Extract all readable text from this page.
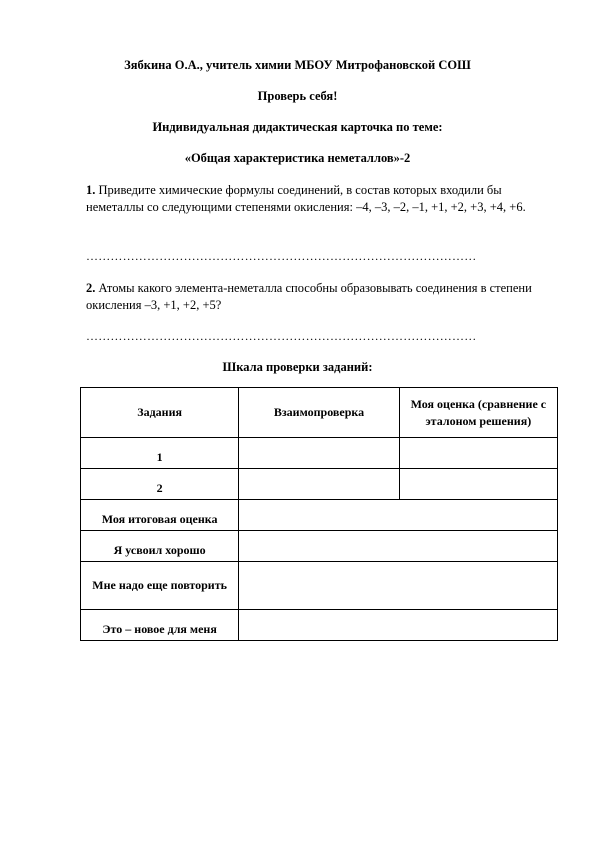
Зябкина О.А., учитель химии МБОУ Митрофановской СОШ
Проверь себя!
Индивидуальная дидактическая карточка по теме:
«Общая характеристика неметаллов»-2
1. Приведите химические формулы соединений, в состав которых входили бы неметаллы со следующими степенями окисления: –4, –3, –2, –1, +1, +2, +3, +4, +6.
……………………………………………………………………………………
2. Атомы какого элемента-неметалла способны образовывать соединения в степени окисления –3, +1, +2, +5?
……………………………………………………………………………………
Шкала проверки заданий:
Задания	Взаимопроверка	Моя оценка (сравнение с эталоном решения)
1		
2		
Моя итоговая оценка		
Я усвоил хорошо		
Мне надо еще повторить		
Это – новое для меня		
